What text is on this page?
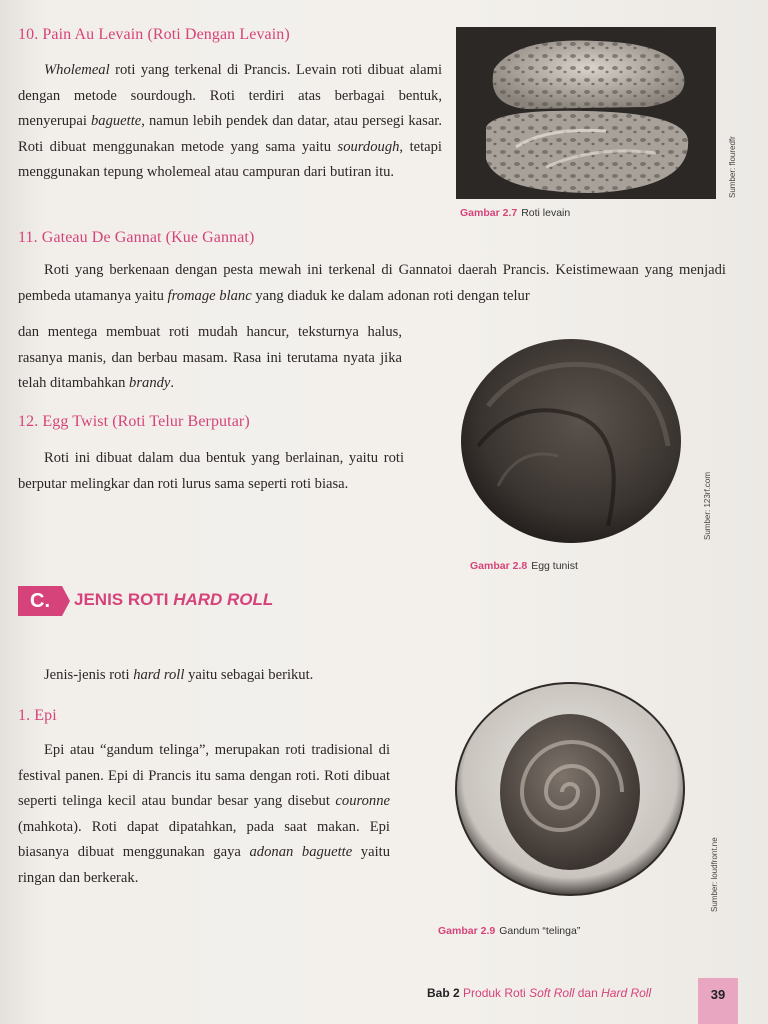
10. Pain Au Levain (Roti Dengan Levain)
Wholemeal roti yang terkenal di Prancis. Levain roti dibuat alami dengan metode sourdough. Roti terdiri atas berbagai bentuk, menyerupai baguette, namun lebih pendek dan datar, atau persegi kasar. Roti dibuat menggunakan metode yang sama yaitu sourdough, tetapi menggunakan tepung wholemeal atau campuran dari butiran itu.	Sumber: flouredfr
Gambar 2.7 Roti levain
11. Gateau De Gannat (Kue Gannat)
Roti yang berkenaan dengan pesta mewah ini terkenal di Gannatoi daerah Prancis. Keistimewaan yang menjadi pembeda utamanya yaitu fromage blanc yang diaduk ke dalam adonan roti dengan telur
dan mentega membuat roti mudah hancur, teksturnya halus, rasanya manis, dan berbau masam. Rasa ini terutama nyata jika telah ditambahkan brandy.
Sumber: 123rf.com
Gambar 2.8 Egg tunist
12. Egg Twist (Roti Telur Berputar)
Roti ini dibuat dalam dua bentuk yang berlainan, yaitu roti berputar melingkar dan roti lurus sama seperti roti biasa.
C.	JENIS ROTI HARD ROLL
Jenis-jenis roti hard roll yaitu sebagai berikut.
1. Epi
Epi atau “gandum telinga”, merupakan roti tradisional di festival panen. Epi di Prancis itu sama dengan roti. Roti dibuat seperti telinga kecil atau bundar besar yang disebut couronne (mahkota). Roti dapat dipatahkan, pada saat makan. Epi biasanya dibuat menggunakan gaya adonan baguette yaitu ringan dan berkerak.	Sumber: loudfront.ne
Gambar 2.9 Gandum “telinga”
Bab 2 Produk Roti Soft Roll dan Hard Roll	39
